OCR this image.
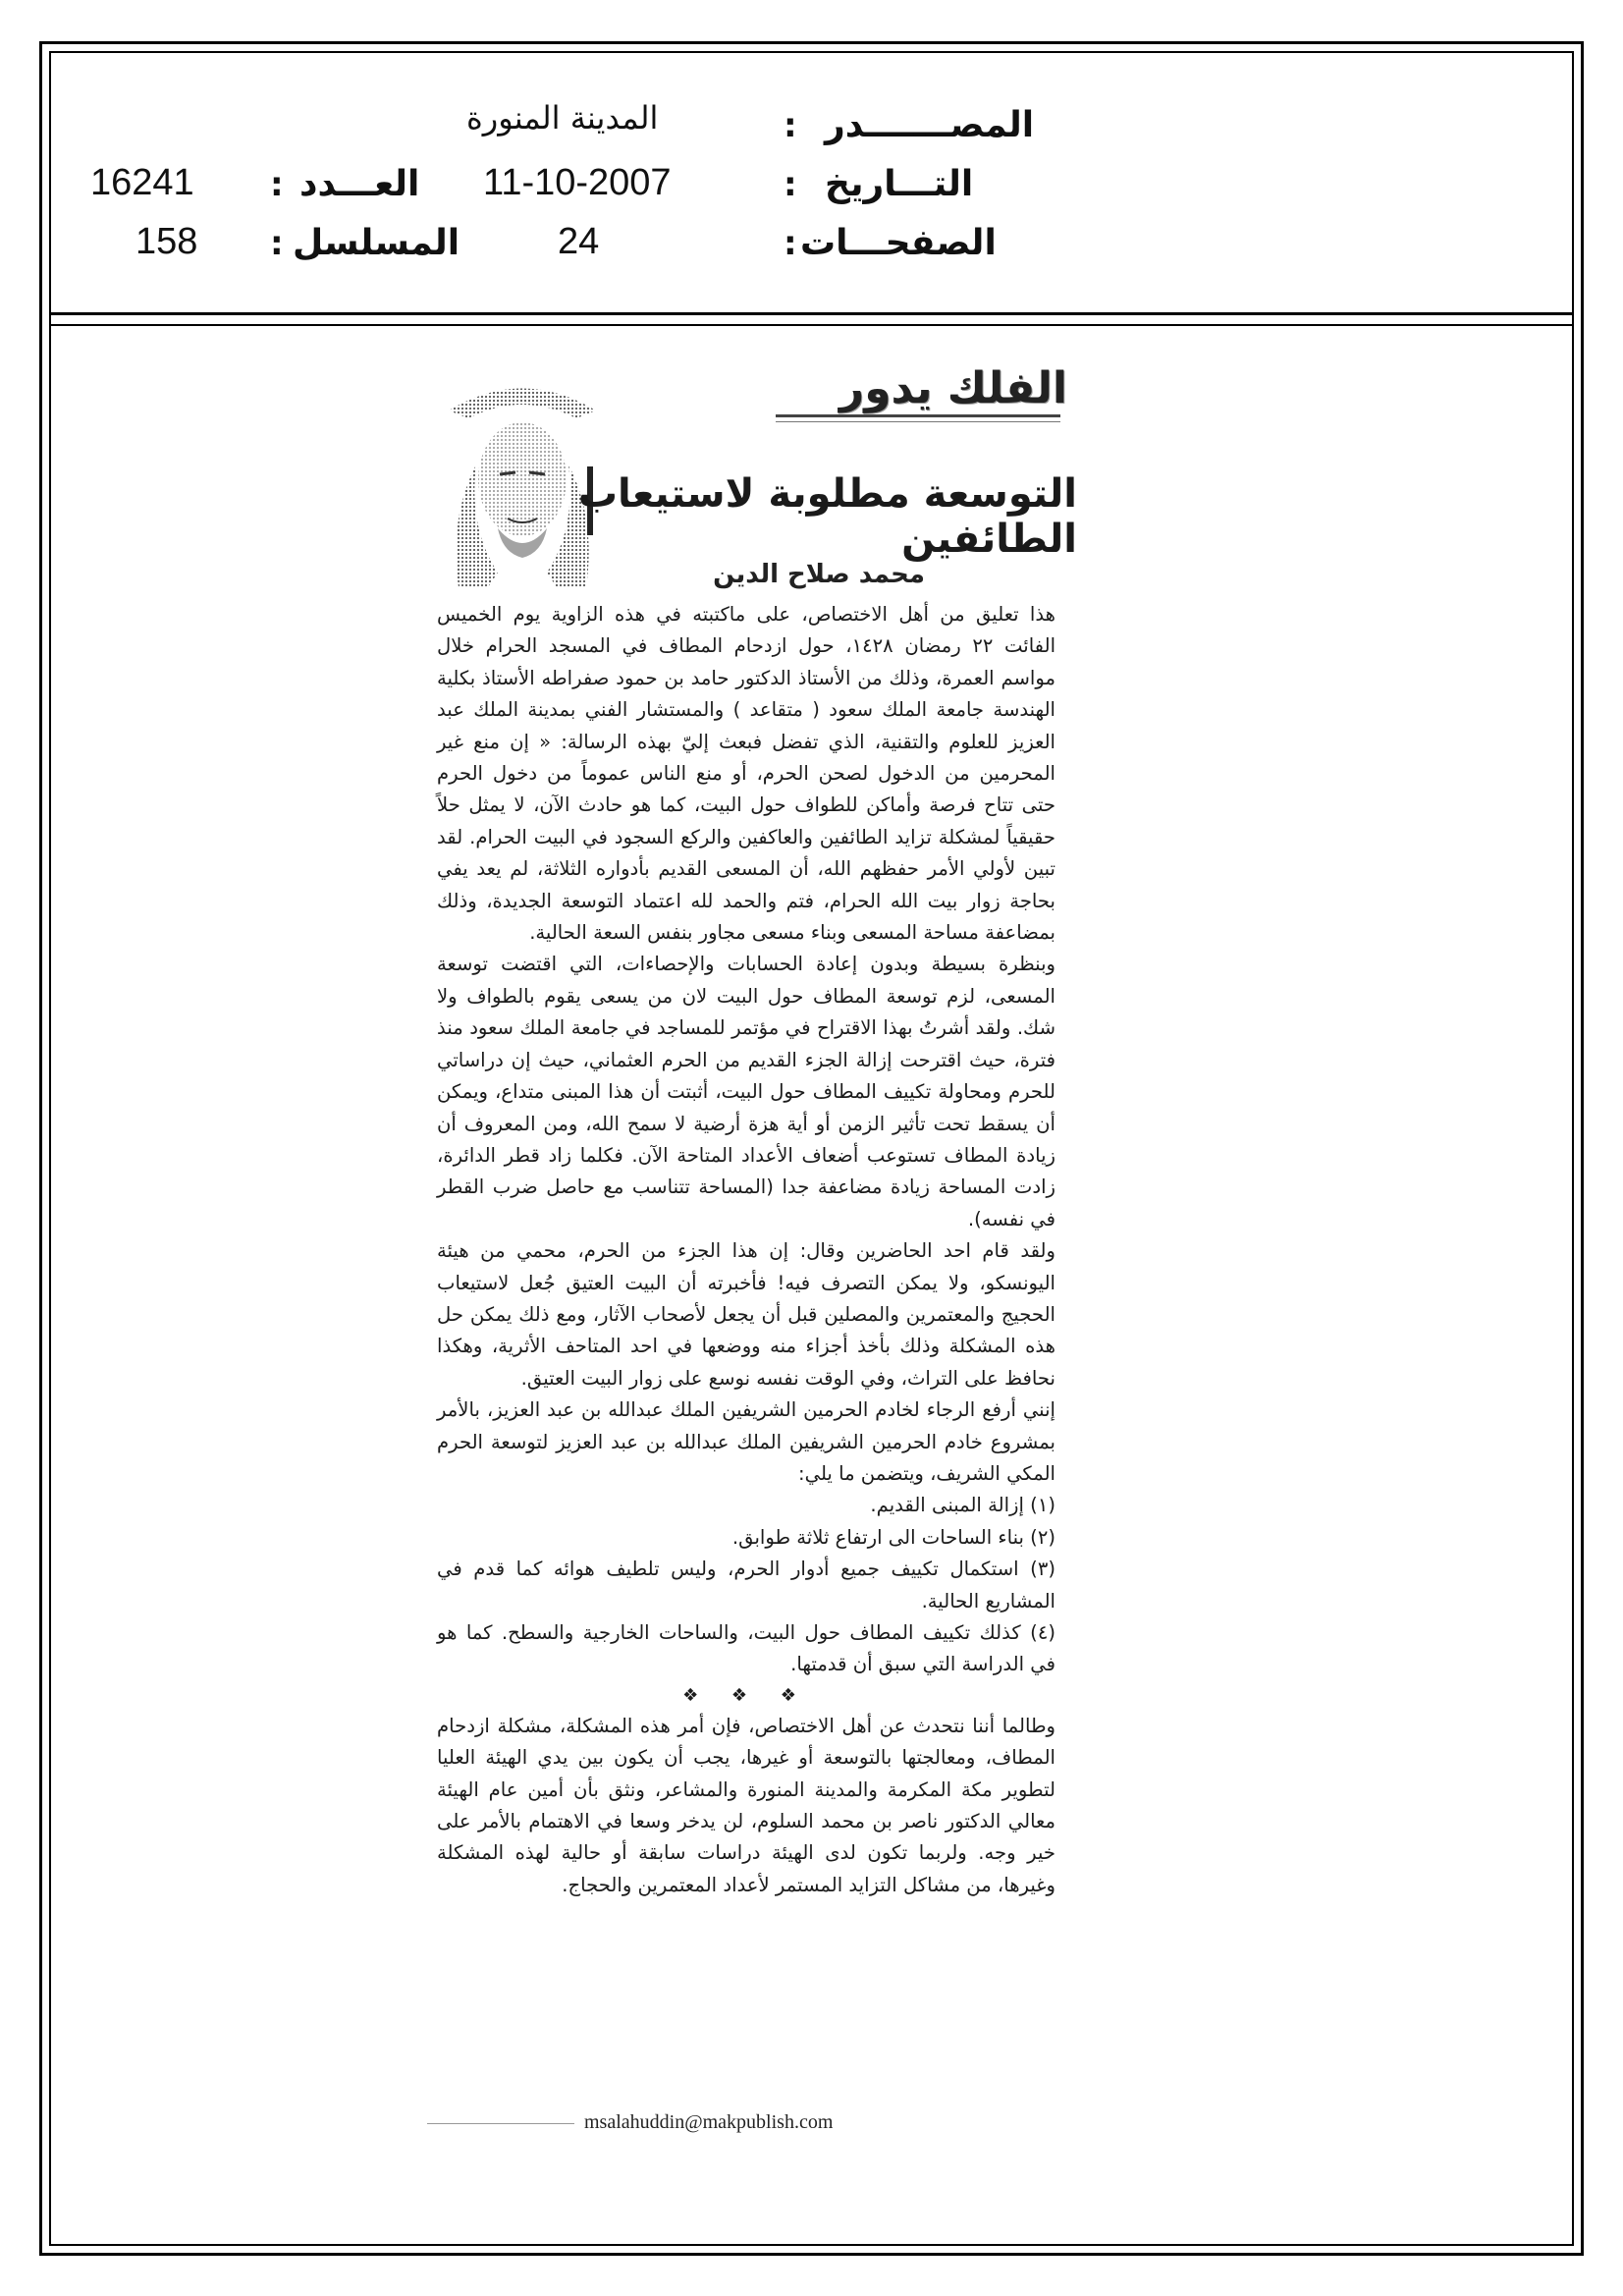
المصـــــــدر
:
المدينة المنورة
التـــاريخ
:
11-10-2007
العـــدد
:
16241
الصفحـــات
:
24
المسلسل
:
158
الفلك يدور
التوسعة مطلوبة لاستيعاب الطائفين
محمد صلاح الدين

هذا تعليق من أهل الاختصاص، على ماكتبته في هذه الزاوية يوم الخميس الفائت ٢٢ رمضان ١٤٢٨، حول ازدحام المطاف في المسجد الحرام خلال مواسم العمرة، وذلك من الأستاذ الدكتور حامد بن حمود صفراطه الأستاذ بكلية الهندسة جامعة الملك سعود ( متقاعد ) والمستشار الفني بمدينة الملك عبد العزيز للعلوم والتقنية، الذي تفضل فبعث إليّ بهذه الرسالة: « إن منع غير المحرمين من الدخول لصحن الحرم، أو منع الناس عموماً من دخول الحرم حتى تتاح فرصة وأماكن للطواف حول البيت، كما هو حادث الآن، لا يمثل حلاً حقيقياً لمشكلة تزايد الطائفين والعاكفين والركع السجود في البيت الحرام. لقد تبين لأولي الأمر حفظهم الله، أن المسعى القديم بأدواره الثلاثة، لم يعد يفي بحاجة زوار بيت الله الحرام، فتم والحمد لله اعتماد التوسعة الجديدة، وذلك بمضاعفة مساحة المسعى وبناء مسعى مجاور بنفس السعة الحالية.

وبنظرة بسيطة وبدون إعادة الحسابات والإحصاءات، التي اقتضت توسعة المسعى، لزم توسعة المطاف حول البيت لان من يسعى يقوم بالطواف ولا شك. ولقد أشرتُ بهذا الاقتراح في مؤتمر للمساجد في جامعة الملك سعود منذ فترة، حيث اقترحت إزالة الجزء القديم من الحرم العثماني، حيث إن دراساتي للحرم ومحاولة تكييف المطاف حول البيت، أثبتت أن هذا المبنى متداع، ويمكن أن يسقط تحت تأثير الزمن أو أية هزة أرضية لا سمح الله، ومن المعروف أن زيادة المطاف تستوعب أضعاف الأعداد المتاحة الآن. فكلما زاد قطر الدائرة، زادت المساحة زيادة مضاعفة جدا (المساحة تتناسب مع حاصل ضرب القطر في نفسه).

ولقد قام احد الحاضرين وقال: إن هذا الجزء من الحرم، محمي من هيئة اليونسكو، ولا يمكن التصرف فيه! فأخبرته أن البيت العتيق جُعل لاستيعاب الحجيج والمعتمرين والمصلين قبل أن يجعل لأصحاب الآثار، ومع ذلك يمكن حل هذه المشكلة وذلك بأخذ أجزاء منه ووضعها في احد المتاحف الأثرية، وهكذا نحافظ على التراث، وفي الوقت نفسه نوسع على زوار البيت العتيق.

إنني أرفع الرجاء لخادم الحرمين الشريفين الملك عبدالله بن عبد العزيز، بالأمر بمشروع خادم الحرمين الشريفين الملك عبدالله بن عبد العزيز لتوسعة الحرم المكي الشريف، ويتضمن ما يلي:

(١) إزالة المبنى القديم.

(٢) بناء الساحات الى ارتفاع ثلاثة طوابق.

(٣) استكمال تكييف جميع أدوار الحرم، وليس تلطيف هوائه كما قدم في المشاريع الحالية.

(٤) كذلك تكييف المطاف حول البيت، والساحات الخارجية والسطح. كما هو في الدراسة التي سبق أن قدمتها.

❖ ❖ ❖

وطالما أننا نتحدث عن أهل الاختصاص، فإن أمر هذه المشكلة، مشكلة ازدحام المطاف، ومعالجتها بالتوسعة أو غيرها، يجب أن يكون بين يدي الهيئة العليا لتطوير مكة المكرمة والمدينة المنورة والمشاعر، ونثق بأن أمين عام الهيئة معالي الدكتور ناصر بن محمد السلوم، لن يدخر وسعا في الاهتمام بالأمر على خير وجه. ولربما تكون لدى الهيئة دراسات سابقة أو حالية لهذه المشكلة وغيرها، من مشاكل التزايد المستمر لأعداد المعتمرين والحجاج.

msalahuddin@makpublish.com
